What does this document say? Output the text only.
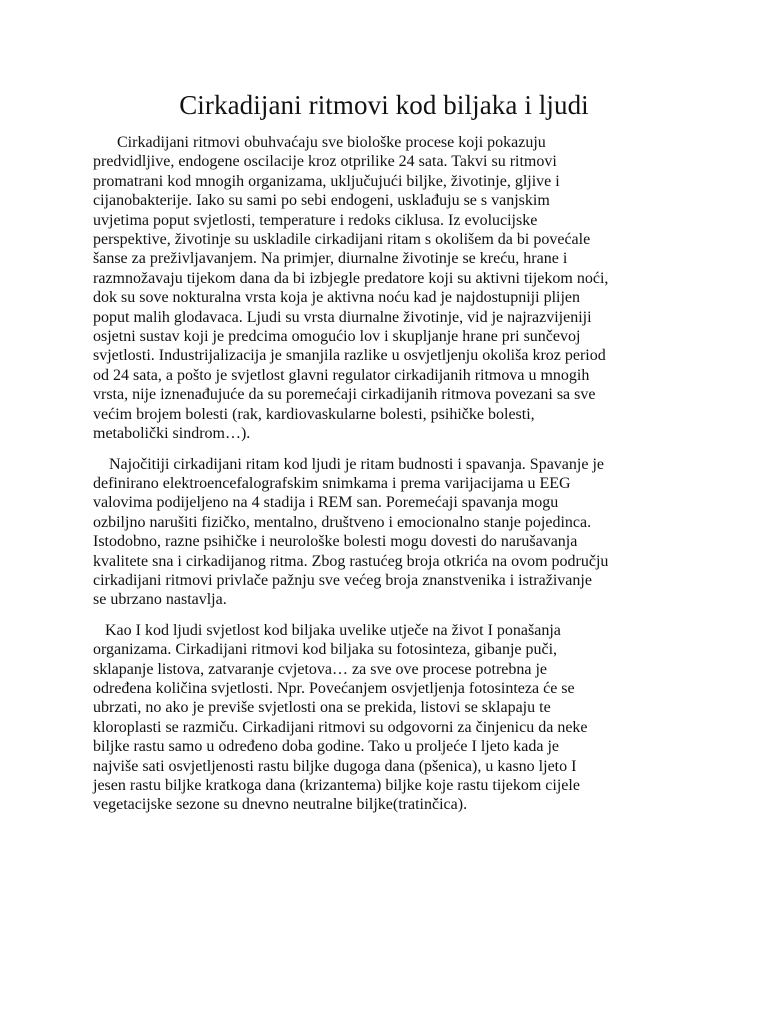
Cirkadijani ritmovi kod biljaka i ljudi

Cirkadijani ritmovi obuhvaćaju sve biološke procese koji pokazuju
predvidljive, endogene oscilacije kroz otprilike 24 sata. Takvi su ritmovi
promatrani kod mnogih organizama, uključujući biljke, životinje, gljive i
cijanobakterije. Iako su sami po sebi endogeni, usklađuju se s vanjskim
uvjetima poput svjetlosti, temperature i redoks ciklusa. Iz evolucijske
perspektive, životinje su uskladile cirkadijani ritam s okolišem da bi povećale
šanse za preživljavanjem. Na primjer, diurnalne životinje se kreću, hrane i
razmnožavaju tijekom dana da bi izbjegle predatore koji su aktivni tijekom noći,
dok su sove nokturalna vrsta koja je aktivna noću kad je najdostupniji plijen
poput malih glodavaca. Ljudi su vrsta diurnalne životinje, vid je najrazvijeniji
osjetni sustav koji je predcima omogućio lov i skupljanje hrane pri sunčevoj
svjetlosti. Industrijalizacija je smanjila razlike u osvjetljenju okoliša kroz period
od 24 sata, a pošto je svjetlost glavni regulator cirkadijanih ritmova u mnogih
vrsta, nije iznenađujuće da su poremećaji cirkadijanih ritmova povezani sa sve
većim brojem bolesti (rak, kardiovaskularne bolesti, psihičke bolesti,
metabolički sindrom…).

Najočitiji cirkadijani ritam kod ljudi je ritam budnosti i spavanja. Spavanje je
definirano elektroencefalografskim snimkama i prema varijacijama u EEG
valovima podijeljeno na 4 stadija i REM san. Poremećaji spavanja mogu
ozbiljno narušiti fizičko, mentalno, društveno i emocionalno stanje pojedinca.
Istodobno, razne psihičke i neurološke bolesti mogu dovesti do narušavanja
kvalitete sna i cirkadijanog ritma. Zbog rastućeg broja otkrića na ovom području
cirkadijani ritmovi privlače pažnju sve većeg broja znanstvenika i istraživanje
se ubrzano nastavlja.

Kao I kod ljudi svjetlost kod biljaka uvelike utječe na život I ponašanja
organizama. Cirkadijani ritmovi kod biljaka su fotosinteza, gibanje puči,
sklapanje listova, zatvaranje cvjetova… za sve ove procese potrebna je
određena količina svjetlosti. Npr. Povećanjem osvjetljenja fotosinteza će se
ubrzati, no ako je previše svjetlosti ona se prekida, listovi se sklapaju te
kloroplasti se razmiču. Cirkadijani ritmovi su odgovorni za činjenicu da neke
biljke rastu samo u određeno doba godine. Tako u proljeće I ljeto kada je
najviše sati osvjetljenosti rastu biljke dugoga dana (pšenica), u kasno ljeto I
jesen rastu biljke kratkoga dana (krizantema) biljke koje rastu tijekom cijele
vegetacijske sezone su dnevno neutralne biljke(tratinčica).
